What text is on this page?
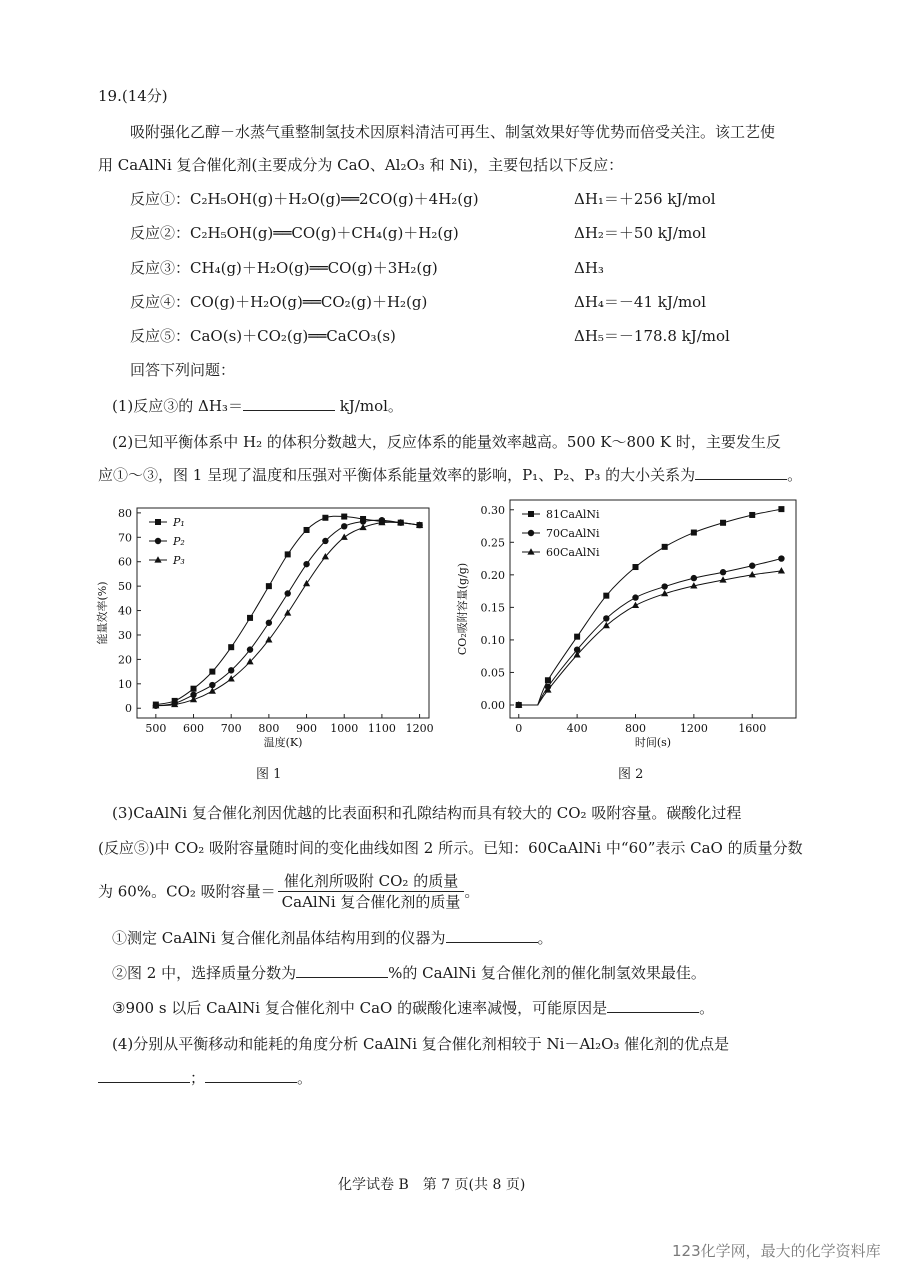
19.(14分)
吸附强化乙醇－水蒸气重整制氢技术因原料清洁可再生、制氢效果好等优势而倍受关注。该工艺使
用 CaAlNi 复合催化剂(主要成分为 CaO、Al₂O₃ 和 Ni)，主要包括以下反应：
反应①：C₂H₅OH(g)＋H₂O(g)══2CO(g)＋4H₂(g)	ΔH₁＝＋256 kJ/mol
反应②：C₂H₅OH(g)══CO(g)＋CH₄(g)＋H₂(g)	ΔH₂＝＋50 kJ/mol
反应③：CH₄(g)＋H₂O(g)══CO(g)＋3H₂(g)	ΔH₃
反应④：CO(g)＋H₂O(g)══CO₂(g)＋H₂(g)	ΔH₄＝－41 kJ/mol
反应⑤：CaO(s)＋CO₂(g)══CaCO₃(s)	ΔH₅＝－178.8 kJ/mol
回答下列问题：
(1)反应③的 ΔH₃＝	kJ/mol。
(2)已知平衡体系中 H₂ 的体积分数越大，反应体系的能量效率越高。500 K～800 K 时，主要发生反
应①～③，图 1 呈现了温度和压强对平衡体系能量效率的影响，P₁、P₂、P₃ 的大小关系为	。
500 600 700 800 900 1000 1100 1200
0
10
20
30
40
50
60
70
80
温度(K)
能量效率(%)
P₁
P₂
P₃
图 1
0	400	800	1200	1600
0.00
0.05
0.10
0.15
0.20
0.25
0.30
时间(s)
CO₂吸附容量(g/g)
81CaAlNi
70CaAlNi
60CaAlNi
图 2
(3)CaAlNi 复合催化剂因优越的比表面积和孔隙结构而具有较大的 CO₂ 吸附容量。碳酸化过程
(反应⑤)中 CO₂ 吸附容量随时间的变化曲线如图 2 所示。已知：60CaAlNi 中“60”表示 CaO 的质量分数
为 60%。CO₂ 吸附容量＝ $\frac{\text{催化剂所吸附 CO₂ 的质量}}{\text{CaAlNi 复合催化剂的质量}}$ 。
①测定 CaAlNi 复合催化剂晶体结构用到的仪器为	。
②图 2 中，选择质量分数为	%的 CaAlNi 复合催化剂的催化制氢效果最佳。
③900 s 以后 CaAlNi 复合催化剂中 CaO 的碳酸化速率减慢，可能原因是	。
(4)分别从平衡移动和能耗的角度分析 CaAlNi 复合催化剂相较于 Ni－Al₂O₃ 催化剂的优点是
；	。
化学试卷 B　第 7 页(共 8 页)
123化学网，最大的化学资料库
